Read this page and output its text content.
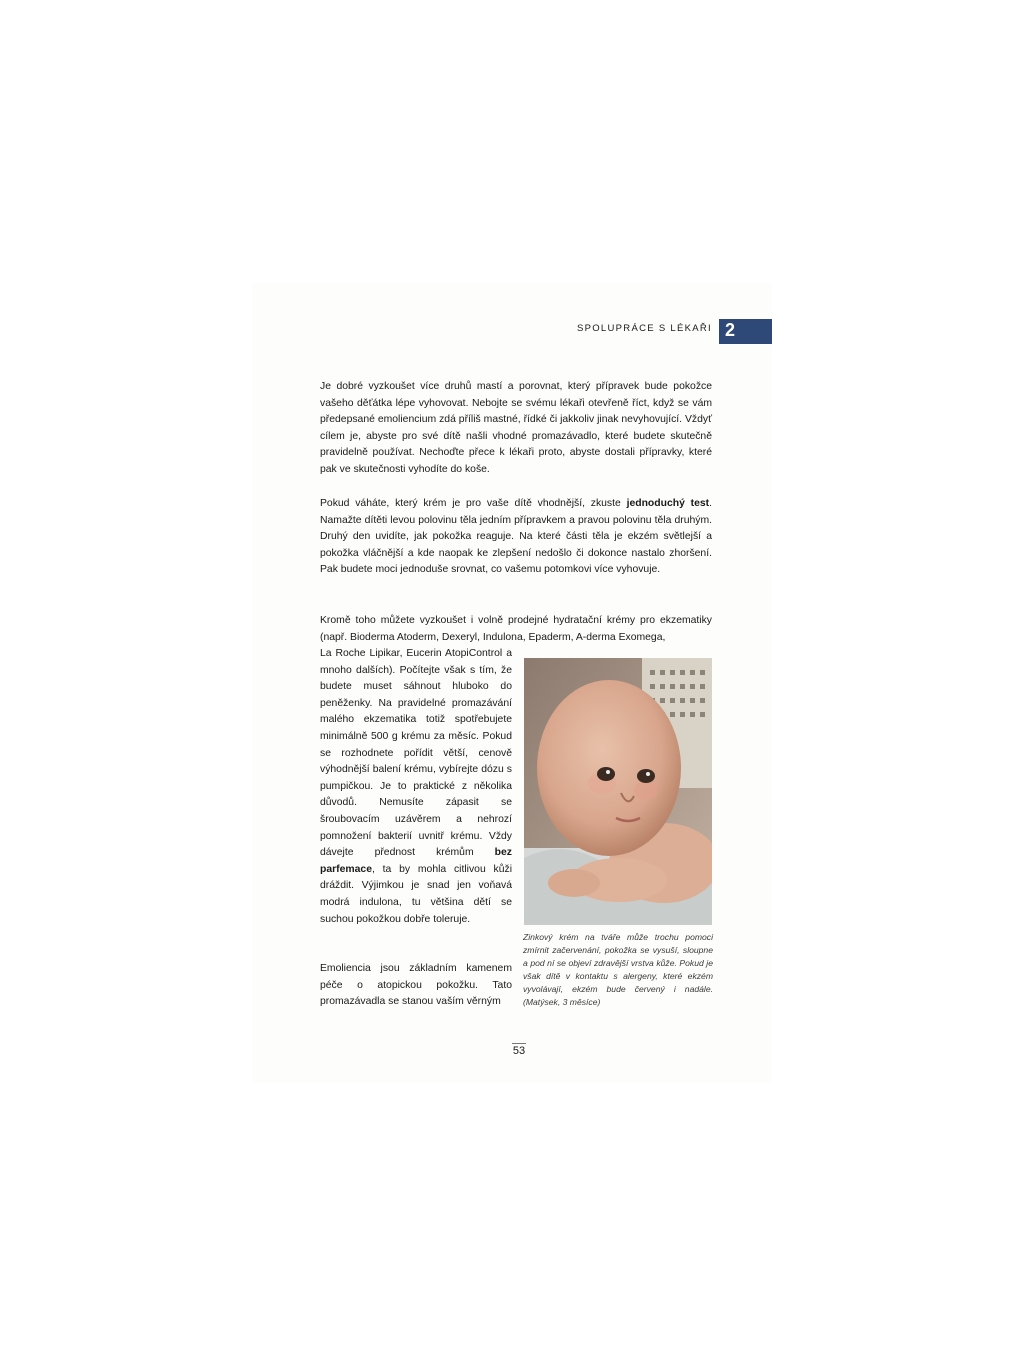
SPOLUPRÁCE S LÉKAŘI 2

Je dobré vyzkoušet více druhů mastí a porovnat, který přípravek bude pokožce vašeho děťátka lépe vyhovovat. Nebojte se svému lékaři otevřeně říct, když se vám předepsané emoliencium zdá příliš mastné, řídké či jakkoliv jinak nevyhovující. Vždyť cílem je, abyste pro své dítě našli vhodné promazávadlo, které budete skutečně pravidelně používat. Nechoďte přece k lékaři proto, abyste dostali přípravky, které pak ve skutečnosti vyhodíte do koše.

Pokud váháte, který krém je pro vaše dítě vhodnější, zkuste jednoduchý test. Namažte dítěti levou polovinu těla jedním přípravkem a pravou polovinu těla druhým. Druhý den uvidíte, jak pokožka reaguje. Na které části těla je ekzém světlejší a pokožka vláčnější a kde naopak ke zlepšení nedošlo či dokonce nastalo zhoršení. Pak budete moci jednoduše srovnat, co vašemu potomkovi více vyhovuje.

Kromě toho můžete vyzkoušet i volně prodejné hydratační krémy pro ekzematiky (např. Bioderma Atoderm, Dexeryl, Indulona, Epaderm, A-derma Exomega,

La Roche Lipikar, Eucerin AtopiControl a mnoho dalších). Počítejte však s tím, že budete muset sáhnout hluboko do peněženky. Na pravidelné promazávání malého ekzematika totiž spotřebujete minimálně 500 g krému za měsíc. Pokud se rozhodnete pořídit větší, cenově výhodnější balení krému, vybírejte dózu s pumpičkou. Je to praktické z několika důvodů. Nemusíte zápasit se šroubovacím uzávěrem a nehrozí pomnožení bakterií uvnitř krému. Vždy dávejte přednost krémům bez parfemace, ta by mohla citlivou kůži dráždit. Výjimkou je snad jen voňavá modrá indulona, tu většina dětí se suchou pokožkou dobře toleruje.

Emoliencia jsou základním kamenem péče o atopickou pokožku. Tato promazávadla se stanou vaším věrným

Zinkový krém na tváře může trochu pomoci zmírnit začervenání, pokožka se vysuší, sloupne a pod ní se objeví zdravější vrstva kůže. Pokud je však dítě v kontaktu s alergeny, které ekzém vyvolávají, ekzém bude červený i nadále. (Matýsek, 3 měsíce)

53
